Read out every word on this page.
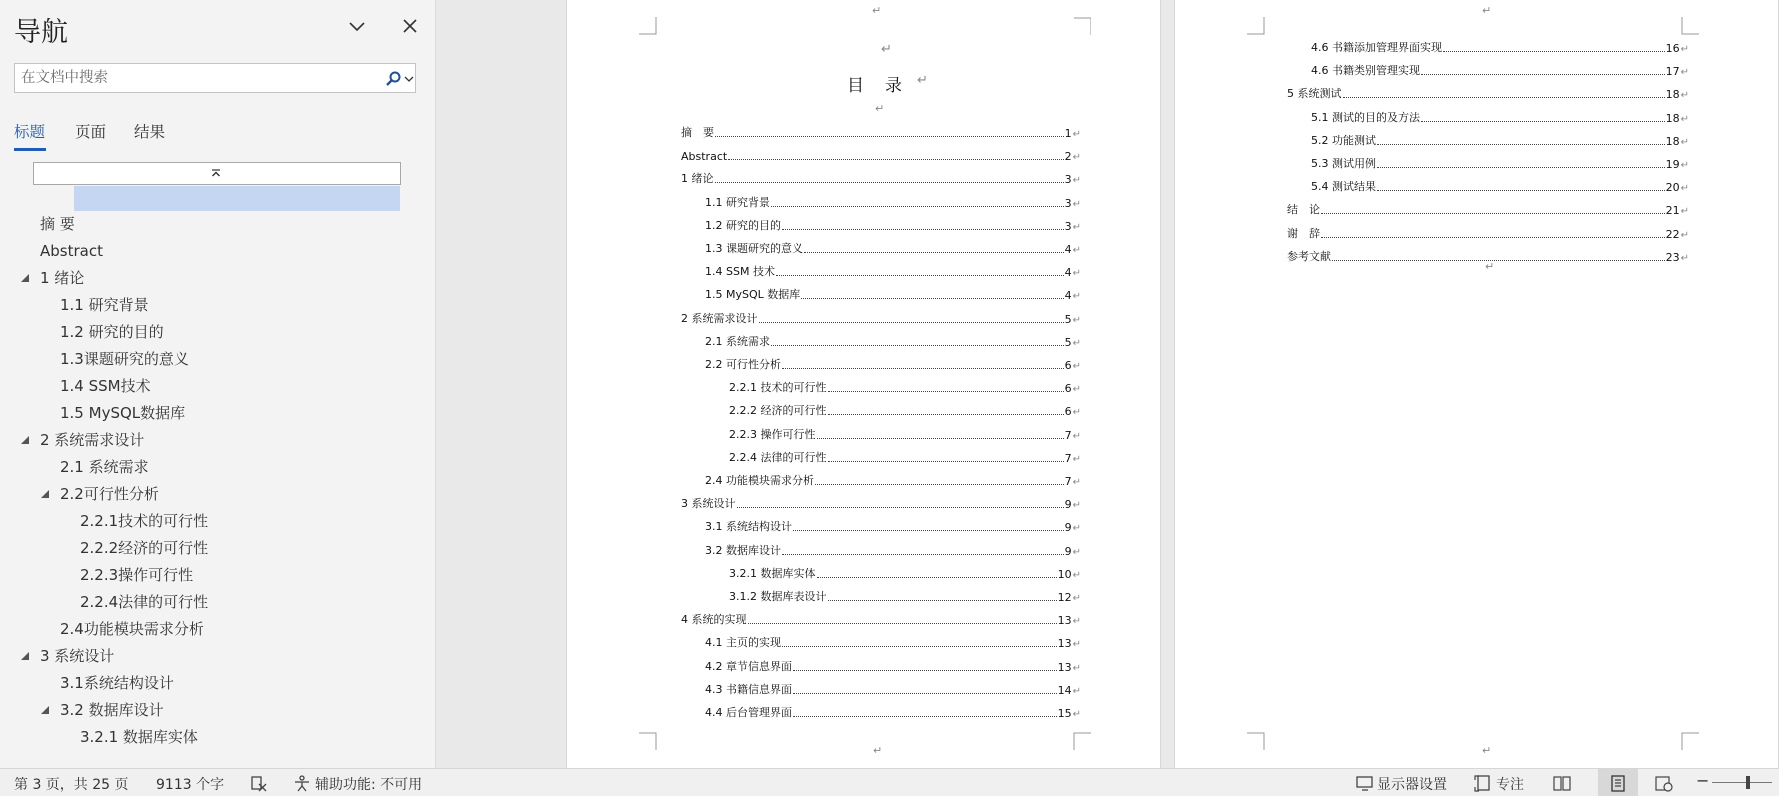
导航
在文档中搜索
标题 页面 结果
摘 要
Abstract
1 绪论
1.1 研究背景
1.2 研究的目的
1.3课题研究的意义
1.4 SSM技术
1.5 MySQL数据库
2 系统需求设计
2.1 系统需求
2.2可行性分析
2.2.1技术的可行性
2.2.2经济的可行性
2.2.3操作可行性
2.2.4法律的可行性
2.4功能模块需求分析
3 系统设计
3.1系统结构设计
3.2 数据库设计
3.2.1 数据库实体
↵
↵
目　录 ↵
↵
摘　要	1 ↵
Abstract	2 ↵
1 绪论	3 ↵
1.1 研究背景	3 ↵
1.2 研究的目的	3 ↵
1.3 课题研究的意义	4 ↵
1.4 SSM 技术	4 ↵
1.5 MySQL 数据库	4 ↵
2 系统需求设计	5 ↵
2.1 系统需求	5 ↵
2.2 可行性分析	6 ↵
2.2.1 技术的可行性	6 ↵
2.2.2 经济的可行性	6 ↵
2.2.3 操作可行性	7 ↵
2.2.4 法律的可行性	7 ↵
2.4 功能模块需求分析	7 ↵
3 系统设计	9 ↵
3.1 系统结构设计	9 ↵
3.2 数据库设计	9 ↵
3.2.1 数据库实体	10 ↵
3.1.2 数据库表设计	12 ↵
4 系统的实现	13 ↵
4.1 主页的实现	13 ↵
4.2 章节信息界面	13 ↵
4.3 书籍信息界面	14 ↵
4.4 后台管理界面	15 ↵
↵
↵
4.6 书籍添加管理界面实现	16 ↵
4.6 书籍类别管理实现	17 ↵
5 系统测试	18 ↵
5.1 测试的目的及方法	18 ↵
5.2 功能测试	18 ↵
5.3 测试用例	19 ↵
5.4 测试结果	20 ↵
结　论	21 ↵
谢　辞	22 ↵
参考文献	23 ↵
↵
↵
第 3 页，共 25 页 9113 个字	辅助功能: 不可用	显示器设置	专注	−
